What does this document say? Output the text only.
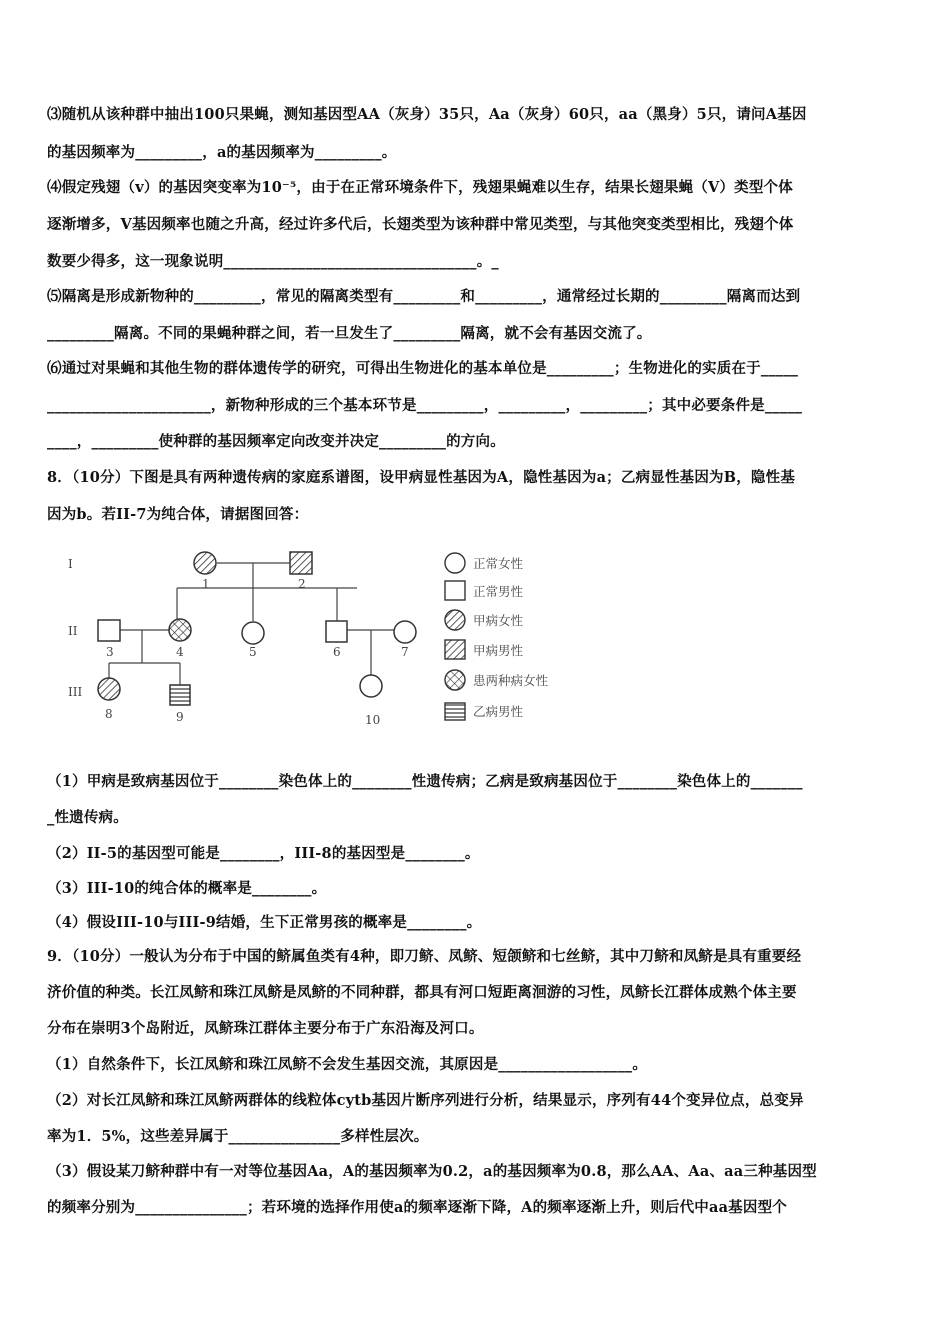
⑶随机从该种群中抽出100只果蝇，测知基因型AA（灰身）35只，Aa（灰身）60只，aa（黑身）5只，请问A基因
的基因频率为_________，a的基因频率为_________。
⑷假定残翅（v）的基因突变率为10⁻⁵，由于在正常环境条件下，残翅果蝇难以生存，结果长翅果蝇（V）类型个体
逐渐增多，V基因频率也随之升高，经过许多代后，长翅类型为该种群中常见类型，与其他突变类型相比，残翅个体
数要少得多，这一现象说明__________________________________。_
⑸隔离是形成新物种的_________，常见的隔离类型有_________和_________，通常经过长期的_________隔离而达到
_________隔离。不同的果蝇种群之间，若一旦发生了_________隔离，就不会有基因交流了。
⑹通过对果蝇和其他生物的群体遗传学的研究，可得出生物进化的基本单位是_________；生物进化的实质在于_____
______________________，新物种形成的三个基本环节是_________，_________，_________；其中必要条件是_____
____，_________使种群的基因频率定向改变并决定_________的方向。
8．（10分）下图是具有两种遗传病的家庭系谱图，设甲病显性基因为A，隐性基因为a；乙病显性基因为B，隐性基
因为b。若II-7为纯合体，请据图回答：
I
II
III
1	2
3	4	5	6	7
8	9	10
正常女性
正常男性
甲病女性
甲病男性
患两种病女性
乙病男性
（1）甲病是致病基因位于________染色体上的________性遗传病；乙病是致病基因位于________染色体上的_______
_性遗传病。
（2）II-5的基因型可能是________，III-8的基因型是________。
（3）III-10的纯合体的概率是________。
（4）假设III-10与III-9结婚，生下正常男孩的概率是________。
9．（10分）一般认为分布于中国的鲚属鱼类有4种，即刀鲚、凤鲚、短颌鲚和七丝鲚，其中刀鲚和凤鲚是具有重要经
济价值的种类。长江凤鲚和珠江凤鲚是凤鲚的不同种群，都具有河口短距离洄游的习性，凤鲚长江群体成熟个体主要
分布在崇明3个岛附近，凤鲚珠江群体主要分布于广东沿海及河口。
（1）自然条件下，长江凤鲚和珠江凤鲚不会发生基因交流，其原因是__________________。
（2）对长江凤鲚和珠江凤鲚两群体的线粒体cytb基因片断序列进行分析，结果显示，序列有44个变异位点，总变异
率为1．5%，这些差异属于_______________多样性层次。
（3）假设某刀鲚种群中有一对等位基因Aa，A的基因频率为0.2，a的基因频率为0.8，那么AA、Aa、aa三种基因型
的频率分别为_______________；若环境的选择作用使a的频率逐渐下降，A的频率逐渐上升，则后代中aa基因型个
